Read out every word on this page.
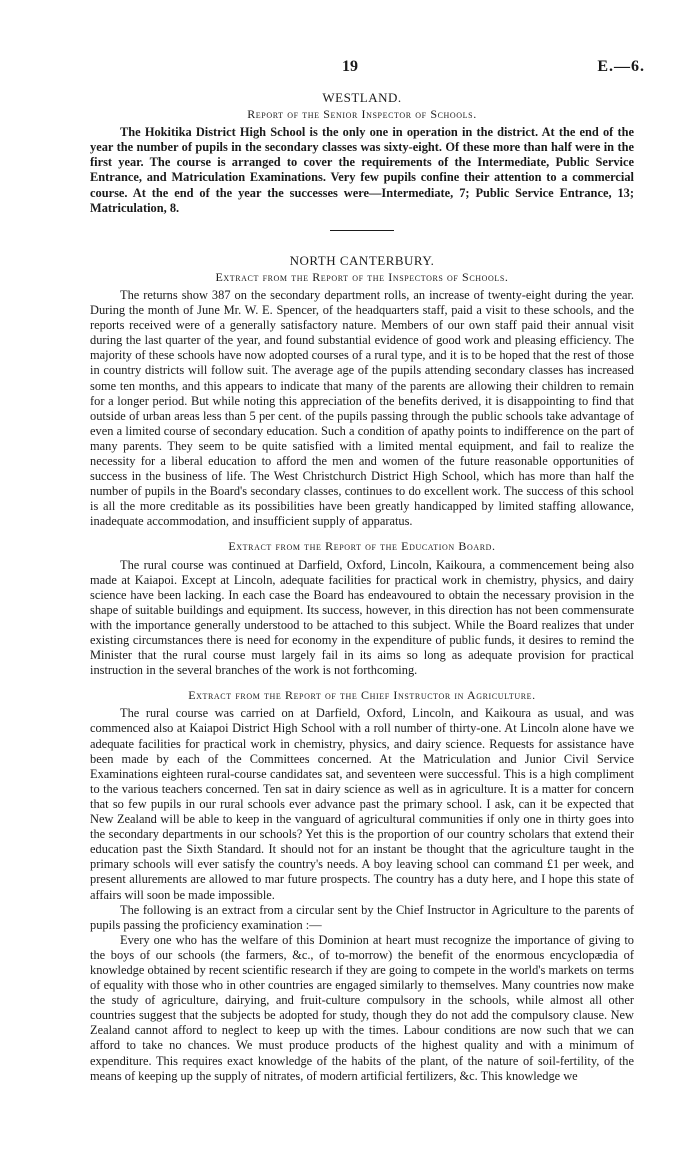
19	E.—6.
WESTLAND.
Report of the Senior Inspector of Schools.

The Hokitika District High School is the only one in operation in the district. At the end of the year the number of pupils in the secondary classes was sixty-eight. Of these more than half were in the first year. The course is arranged to cover the requirements of the Intermediate, Public Service Entrance, and Matriculation Examinations. Very few pupils confine their attention to a commercial course. At the end of the year the successes were—Intermediate, 7; Public Service Entrance, 13; Matriculation, 8.

NORTH CANTERBURY.
Extract from the Report of the Inspectors of Schools.

The returns show 387 on the secondary department rolls, an increase of twenty-eight during the year. During the month of June Mr. W. E. Spencer, of the headquarters staff, paid a visit to these schools, and the reports received were of a generally satisfactory nature. Members of our own staff paid their annual visit during the last quarter of the year, and found substantial evidence of good work and pleasing efficiency. The majority of these schools have now adopted courses of a rural type, and it is to be hoped that the rest of those in country districts will follow suit. The average age of the pupils attending secondary classes has increased some ten months, and this appears to indicate that many of the parents are allowing their children to remain for a longer period. But while noting this appreciation of the benefits derived, it is disappointing to find that outside of urban areas less than 5 per cent. of the pupils passing through the public schools take advantage of even a limited course of secondary education. Such a condition of apathy points to indifference on the part of many parents. They seem to be quite satisfied with a limited mental equipment, and fail to realize the necessity for a liberal education to afford the men and women of the future reasonable opportunities of success in the business of life. The West Christchurch District High School, which has more than half the number of pupils in the Board's secondary classes, continues to do excellent work. The success of this school is all the more creditable as its possibilities have been greatly handicapped by limited staffing allowance, inadequate accommodation, and insufficient supply of apparatus.

Extract from the Report of the Education Board.

The rural course was continued at Darfield, Oxford, Lincoln, Kaikoura, a commencement being also made at Kaiapoi. Except at Lincoln, adequate facilities for practical work in chemistry, physics, and dairy science have been lacking. In each case the Board has endeavoured to obtain the necessary provision in the shape of suitable buildings and equipment. Its success, however, in this direction has not been commensurate with the importance generally understood to be attached to this subject. While the Board realizes that under existing circumstances there is need for economy in the expenditure of public funds, it desires to remind the Minister that the rural course must largely fail in its aims so long as adequate provision for practical instruction in the several branches of the work is not forthcoming.

Extract from the Report of the Chief Instructor in Agriculture.

The rural course was carried on at Darfield, Oxford, Lincoln, and Kaikoura as usual, and was commenced also at Kaiapoi District High School with a roll number of thirty-one. At Lincoln alone have we adequate facilities for practical work in chemistry, physics, and dairy science. Requests for assistance have been made by each of the Committees concerned. At the Matriculation and Junior Civil Service Examinations eighteen rural-course candidates sat, and seventeen were successful. This is a high compliment to the various teachers concerned. Ten sat in dairy science as well as in agriculture. It is a matter for concern that so few pupils in our rural schools ever advance past the primary school. I ask, can it be expected that New Zealand will be able to keep in the vanguard of agricultural communities if only one in thirty goes into the secondary departments in our schools? Yet this is the proportion of our country scholars that extend their education past the Sixth Standard. It should not for an instant be thought that the agriculture taught in the primary schools will ever satisfy the country's needs. A boy leaving school can command £1 per week, and present allurements are allowed to mar future prospects. The country has a duty here, and I hope this state of affairs will soon be made impossible.

The following is an extract from a circular sent by the Chief Instructor in Agriculture to the parents of pupils passing the proficiency examination :—

Every one who has the welfare of this Dominion at heart must recognize the importance of giving to the boys of our schools (the farmers, &c., of to-morrow) the benefit of the enormous encyclopædia of knowledge obtained by recent scientific research if they are going to compete in the world's markets on terms of equality with those who in other countries are engaged similarly to themselves. Many countries now make the study of agriculture, dairying, and fruit-culture compulsory in the schools, while almost all other countries suggest that the subjects be adopted for study, though they do not add the compulsory clause. New Zealand cannot afford to neglect to keep up with the times. Labour conditions are now such that we can afford to take no chances. We must produce products of the highest quality and with a minimum of expenditure. This requires exact knowledge of the habits of the plant, of the nature of soil-fertility, of the means of keeping up the supply of nitrates, of modern artificial fertilizers, &c. This knowledge we
